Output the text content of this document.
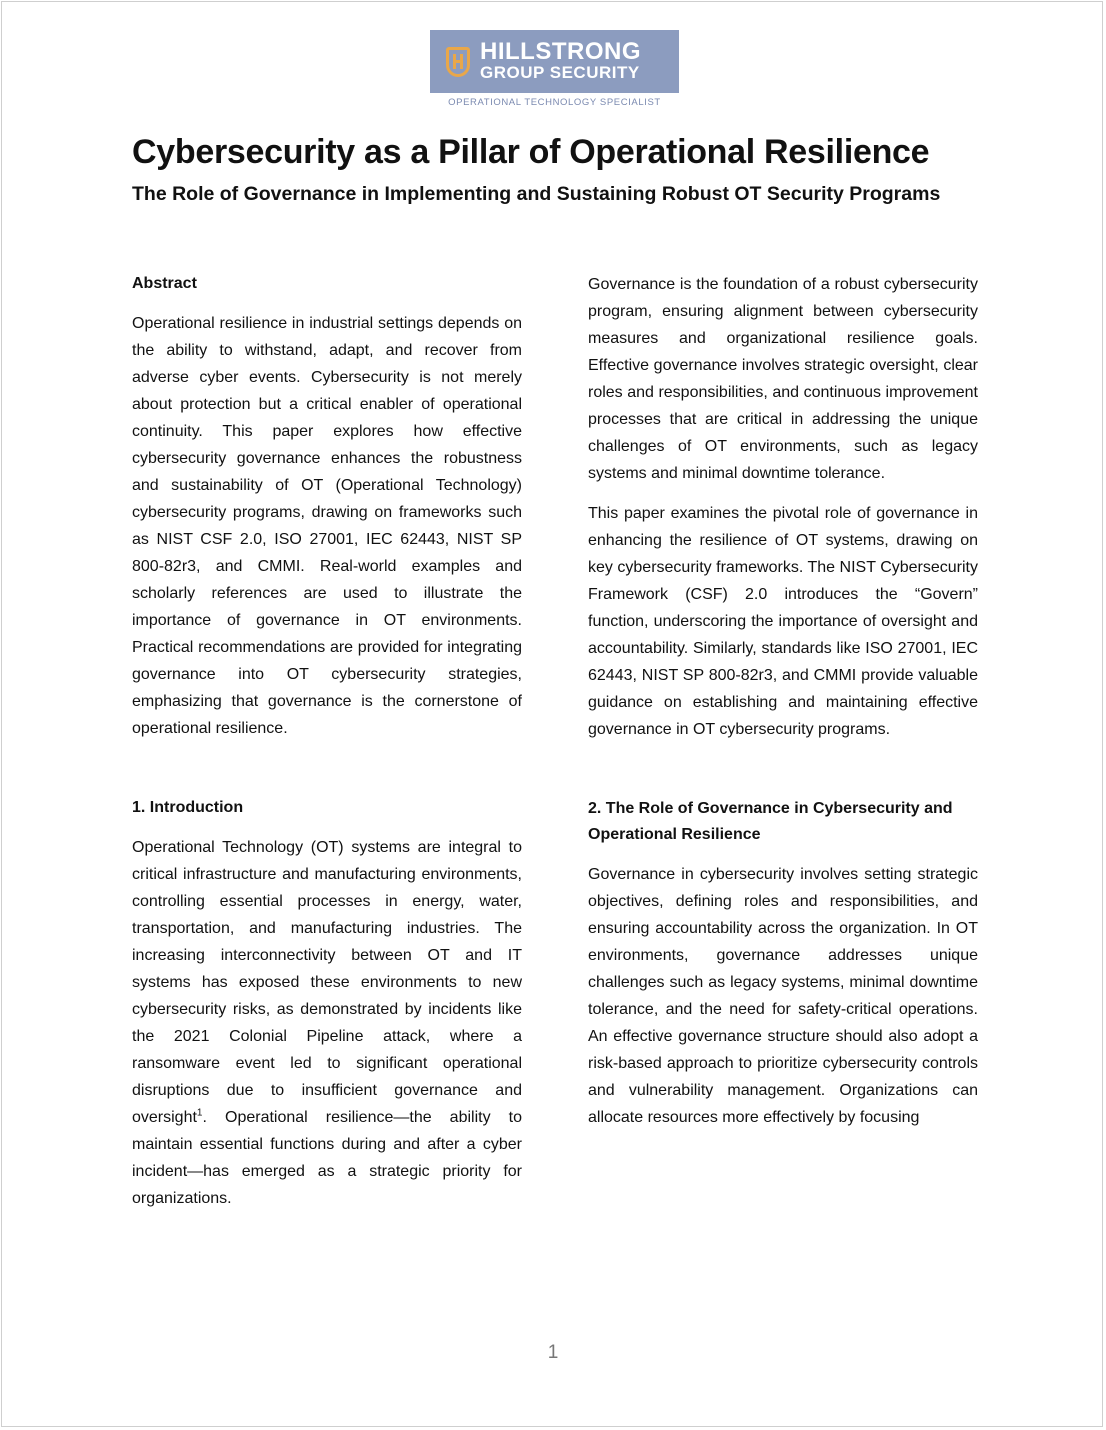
HILLSTRONG
GROUP SECURITY
OPERATIONAL TECHNOLOGY SPECIALIST
Cybersecurity as a Pillar of Operational Resilience
The Role of Governance in Implementing and Sustaining Robust OT Security Programs
Abstract

Operational resilience in industrial settings depends on the ability to withstand, adapt, and recover from adverse cyber events. Cybersecurity is not merely about protection but a critical enabler of operational continuity. This paper explores how effective cybersecurity governance enhances the robustness and sustainability of OT (Operational Technology) cybersecurity programs, drawing on frameworks such as NIST CSF 2.0, ISO 27001, IEC 62443, NIST SP 800-82r3, and CMMI. Real-world examples and scholarly references are used to illustrate the importance of governance in OT environments. Practical recommendations are provided for integrating governance into OT cybersecurity strategies, emphasizing that governance is the cornerstone of operational resilience.

1. Introduction

Operational Technology (OT) systems are integral to critical infrastructure and manufacturing environments, controlling essential processes in energy, water, transportation, and manufacturing industries. The increasing interconnectivity between OT and IT systems has exposed these environments to new cybersecurity risks, as demonstrated by incidents like the 2021 Colonial Pipeline attack, where a ransomware event led to significant operational disruptions due to insufficient governance and oversight$^1$. Operational resilience—the ability to maintain essential functions during and after a cyber incident—has emerged as a strategic priority for organizations.

Governance is the foundation of a robust cybersecurity program, ensuring alignment between cybersecurity measures and organizational resilience goals. Effective governance involves strategic oversight, clear roles and responsibilities, and continuous improvement processes that are critical in addressing the unique challenges of OT environments, such as legacy systems and minimal downtime tolerance.

This paper examines the pivotal role of governance in enhancing the resilience of OT systems, drawing on key cybersecurity frameworks. The NIST Cybersecurity Framework (CSF) 2.0 introduces the “Govern” function, underscoring the importance of oversight and accountability. Similarly, standards like ISO 27001, IEC 62443, NIST SP 800-82r3, and CMMI provide valuable guidance on establishing and maintaining effective governance in OT cybersecurity programs.

2. The Role of Governance in Cybersecurity and Operational Resilience

Governance in cybersecurity involves setting strategic objectives, defining roles and responsibilities, and ensuring accountability across the organization. In OT environments, governance addresses unique challenges such as legacy systems, minimal downtime tolerance, and the need for safety-critical operations. An effective governance structure should also adopt a risk-based approach to prioritize cybersecurity controls and vulnerability management. Organizations can allocate resources more effectively by focusing

1
